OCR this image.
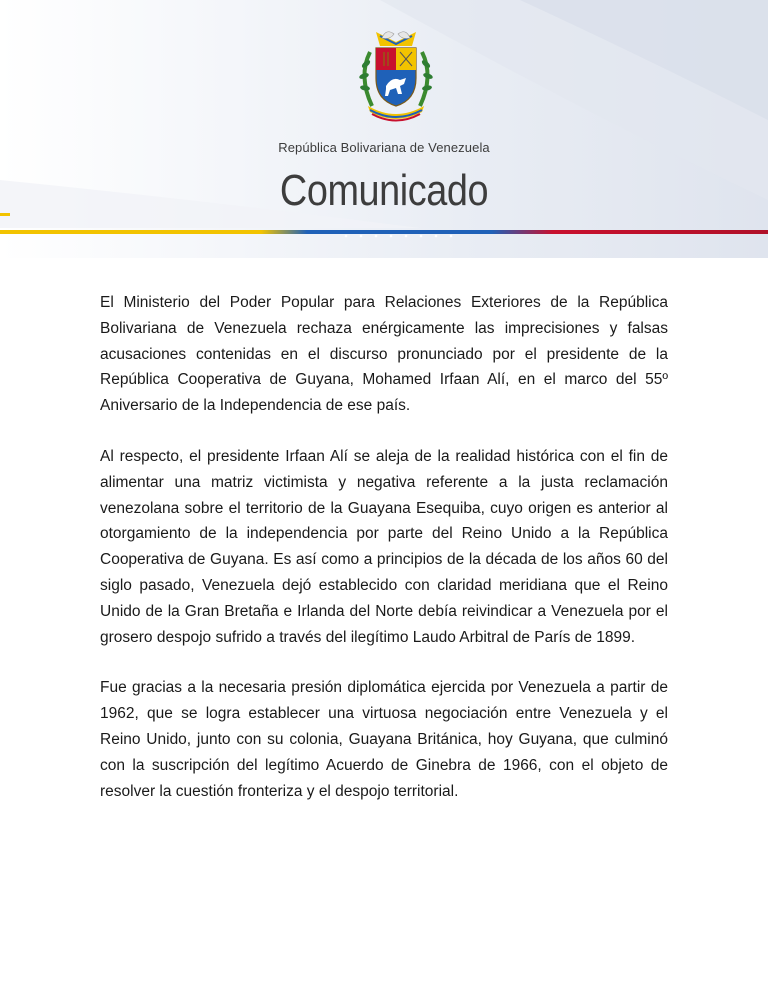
República Bolivariana de Venezuela
Comunicado

El Ministerio del Poder Popular para Relaciones Exteriores de la República Bolivariana de Venezuela rechaza enérgicamente las imprecisiones y falsas acusaciones contenidas en el discurso pronunciado por el presidente de la República Cooperativa de Guyana, Mohamed Irfaan Alí, en el marco del 55º Aniversario de la Independencia de ese país.

Al respecto, el presidente Irfaan Alí se aleja de la realidad histórica con el fin de alimentar una matriz victimista y negativa referente a la justa reclamación venezolana sobre el territorio de la Guayana Esequiba, cuyo origen es anterior al otorgamiento de la independencia por parte del Reino Unido a la República Cooperativa de Guyana. Es así como a principios de la década de los años 60 del siglo pasado, Venezuela dejó establecido con claridad meridiana que el Reino Unido de la Gran Bretaña e Irlanda del Norte debía reivindicar a Venezuela por el grosero despojo sufrido a través del ilegítimo Laudo Arbitral de París de 1899.

Fue gracias a la necesaria presión diplomática ejercida por Venezuela a partir de 1962, que se logra establecer una virtuosa negociación entre Venezuela y el Reino Unido, junto con su colonia, Guayana Británica, hoy Guyana, que culminó con la suscripción del legítimo Acuerdo de Ginebra de 1966, con el objeto de resolver la cuestión fronteriza y el despojo territorial.
